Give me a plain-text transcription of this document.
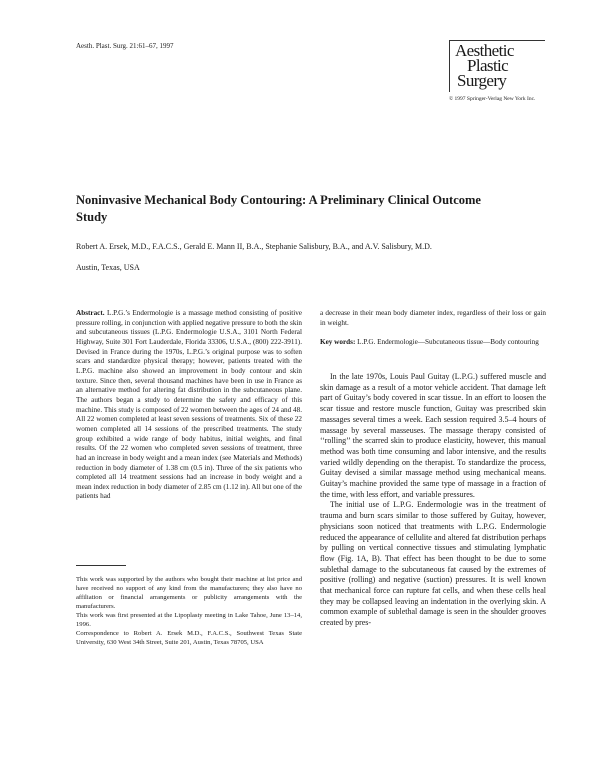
Aesth. Plast. Surg. 21:61–67, 1997	Aesthetic
Plastic
Surgery
© 1997 Springer-Verlag New York Inc.
Noninvasive Mechanical Body Contouring: A Preliminary Clinical Outcome Study
Robert A. Ersek, M.D., F.A.C.S., Gerald E. Mann II, B.A., Stephanie Salisbury, B.A., and A.V. Salisbury, M.D.
Austin, Texas, USA
Abstract. L.P.G.’s Endermologie is a massage method consisting of positive pressure rolling, in conjunction with applied negative pressure to both the skin and subcutaneous tissues (L.P.G. Endermologie U.S.A., 3101 North Federal Highway, Suite 301 Fort Lauderdale, Florida 33306, U.S.A., (800) 222-3911). Devised in France during the 1970s, L.P.G.’s original purpose was to soften scars and standardize physical therapy; however, patients treated with the L.P.G. machine also showed an improvement in body contour and skin texture. Since then, several thousand machines have been in use in France as an alternative method for altering fat distribution in the subcutaneous plane. The authors began a study to determine the safety and efficacy of this machine. This study is composed of 22 women between the ages of 24 and 48. All 22 women completed at least seven sessions of treatments. Six of these 22 women completed all 14 sessions of the prescribed treatments. The study group exhibited a wide range of body habitus, initial weights, and final results. Of the 22 women who completed seven sessions of treatment, three had an increase in body weight and a mean index (see Materials and Methods) reduction in body diameter of 1.38 cm (0.5 in). Three of the six patients who completed all 14 treatment sessions had an increase in body weight and a mean index reduction in body diameter of 2.85 cm (1.12 in). All but one of the patients had
a decrease in their mean body diameter index, regardless of their loss or gain in weight.
Key words: L.P.G. Endermologie—Subcutaneous tissue—Body contouring

In the late 1970s, Louis Paul Guitay (L.P.G.) suffered muscle and skin damage as a result of a motor vehicle accident. That damage left part of Guitay’s body covered in scar tissue. In an effort to loosen the scar tissue and restore muscle function, Guitay was prescribed skin massages several times a week. Each session required 3.5–4 hours of massage by several masseuses. The massage therapy consisted of ‘‘rolling’’ the scarred skin to produce elasticity, however, this manual method was both time consuming and labor intensive, and the results varied wildly depending on the therapist. To standardize the process, Guitay devised a similar massage method using mechanical means. Guitay’s machine provided the same type of massage in a fraction of the time, with less effort, and variable pressures.

The initial use of L.P.G. Endermologie was in the treatment of trauma and burn scars similar to those suffered by Guitay, however, physicians soon noticed that treatments with L.P.G. Endermologie reduced the appearance of cellulite and altered fat distribution perhaps by pulling on vertical connective tissues and stimulating lymphatic flow (Fig. 1A, B). That effect has been thought to be due to some sublethal damage to the subcutaneous fat caused by the extremes of positive (rolling) and negative (suction) pressures. It is well known that mechanical force can rupture fat cells, and when these cells heal they may be collapsed leaving an indentation in the overlying skin. A common example of sublethal damage is seen in the shoulder grooves created by pres-

This work was supported by the authors who bought their machine at list price and have received no support of any kind from the manufacturers; they also have no affiliation or financial arrangements or publicity arrangements with the manufacturers.

This work was first presented at the Lipoplasty meeting in Lake Tahoe, June 13–14, 1996.

Correspondence to Robert A. Ersek M.D., F.A.C.S., Southwest Texas State University, 630 West 34th Street, Suite 201, Austin, Texas 78705, USA
